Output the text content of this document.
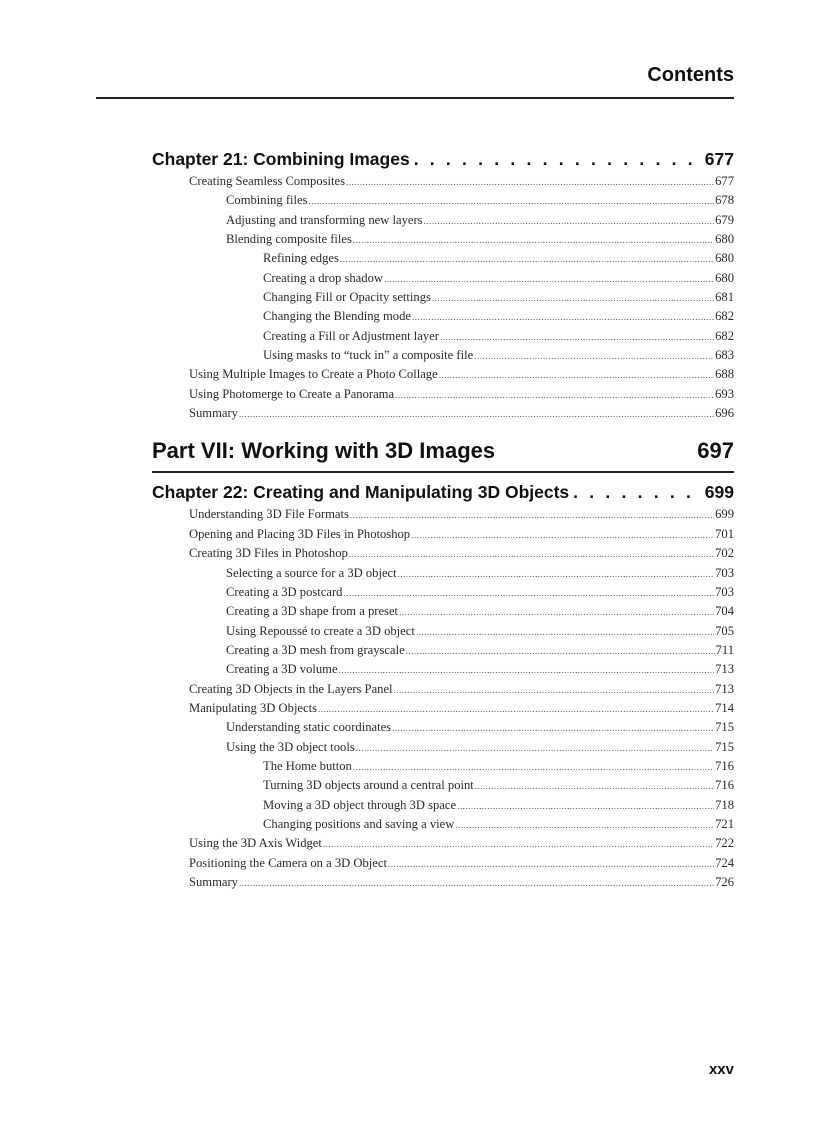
Contents
Chapter 21: Combining Images . . .	677
Creating Seamless Composites .....	677
Combining files .....	678
Adjusting and transforming new layers .....	679
Blending composite files .....	680
Refining edges .....	680
Creating a drop shadow .....	680
Changing Fill or Opacity settings .....	681
Changing the Blending mode .....	682
Creating a Fill or Adjustment layer .....	682
Using masks to “tuck in” a composite file .....	683
Using Multiple Images to Create a Photo Collage .....	688
Using Photomerge to Create a Panorama .....	693
Summary .....	696
Part VII: Working with 3D Images	697
Chapter 22: Creating and Manipulating 3D Objects . . .	699
Understanding 3D File Formats .....	699
Opening and Placing 3D Files in Photoshop .....	701
Creating 3D Files in Photoshop .....	702
Selecting a source for a 3D object .....	703
Creating a 3D postcard .....	703
Creating a 3D shape from a preset .....	704
Using Repoussé to create a 3D object .....	705
Creating a 3D mesh from grayscale .....	711
Creating a 3D volume .....	713
Creating 3D Objects in the Layers Panel .....	713
Manipulating 3D Objects .....	714
Understanding static coordinates .....	715
Using the 3D object tools .....	715
The Home button .....	716
Turning 3D objects around a central point .....	716
Moving a 3D object through 3D space .....	718
Changing positions and saving a view .....	721
Using the 3D Axis Widget .....	722
Positioning the Camera on a 3D Object .....	724
Summary .....	726
xxv
